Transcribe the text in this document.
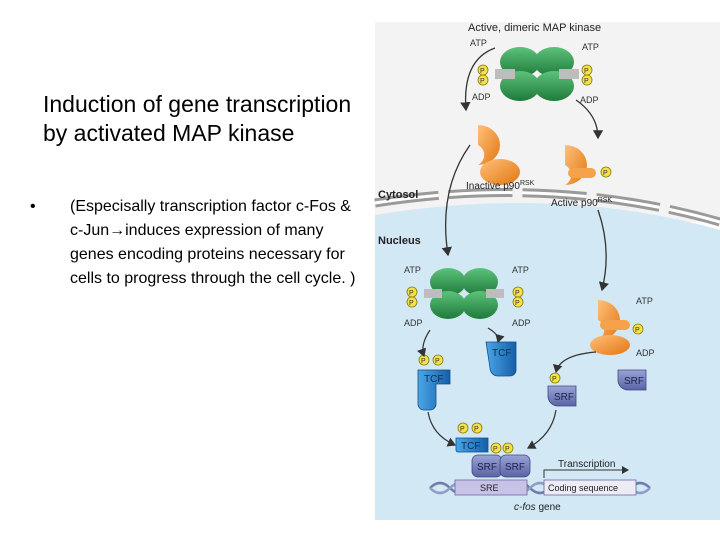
Induction of gene transcription by activated MAP kinase
• (Especisally transcription factor c-Fos & c-Jun→induces expression of many genes encoding proteins necessary for cells to progress through the cell cycle. )
Active, dimeric MAP kinase
Cytosol
Nucleus
ATP	ATP
ADP	ADP
P
P
P
P
Inactive $p90^{RSK}$
P
Active $p90^{RSK}$
ATP	ATP
ADP	ADP
P
P
P
P
P
ATP
ADP
TCF
P P
TCF	SRF
P
SRF
P P
P P
TCF
SRF SRF
SRE	Coding sequence
Transcription
c-fos gene
